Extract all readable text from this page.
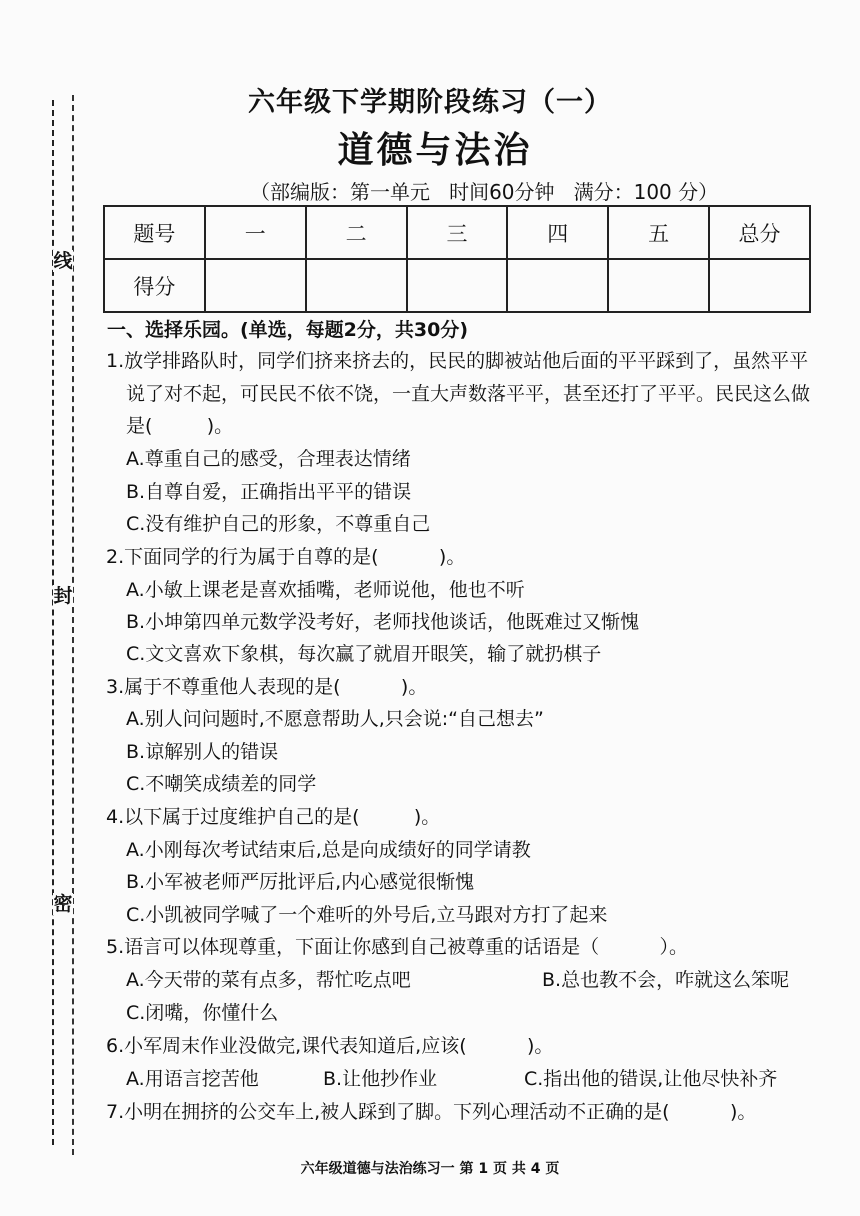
线
封
密
六年级下学期阶段练习（一）
道德与法治
（部编版：第一单元   时间60分钟   满分：100 分）
题号	一	二	三	四	五	总分
得分						
一、选择乐园。(单选，每题2分，共30分)
1.放学排路队时，同学们挤来挤去的，民民的脚被站他后面的平平踩到了，虽然平平
说了对不起，可民民不依不饶，一直大声数落平平，甚至还打了平平。民民这么做
是(         )。
A.尊重自己的感受，合理表达情绪
B.自尊自爱，正确指出平平的错误
C.没有维护自己的形象，不尊重自己
2.下面同学的行为属于自尊的是(          )。
A.小敏上课老是喜欢插嘴，老师说他，他也不听
B.小坤第四单元数学没考好，老师找他谈话，他既难过又惭愧
C.文文喜欢下象棋，每次赢了就眉开眼笑，输了就扔棋子
3.属于不尊重他人表现的是(          )。
A.别人问问题时,不愿意帮助人,只会说:“自己想去”
B.谅解别人的错误
C.不嘲笑成绩差的同学
4.以下属于过度维护自己的是(         )。
A.小刚每次考试结束后,总是向成绩好的同学请教
B.小军被老师严厉批评后,内心感觉很惭愧
C.小凯被同学喊了一个难听的外号后,立马跟对方打了起来
5.语言可以体现尊重，下面让你感到自己被尊重的话语是（          ）。
A.今天带的菜有点多，帮忙吃点吧	B.总也教不会，咋就这么笨呢
C.闭嘴，你懂什么
6.小军周末作业没做完,课代表知道后,应该(          )。
A.用语言挖苦他	B.让他抄作业	C.指出他的错误,让他尽快补齐
7.小明在拥挤的公交车上,被人踩到了脚。下列心理活动不正确的是(          )。
六年级道德与法治练习一 第 1 页 共 4 页
